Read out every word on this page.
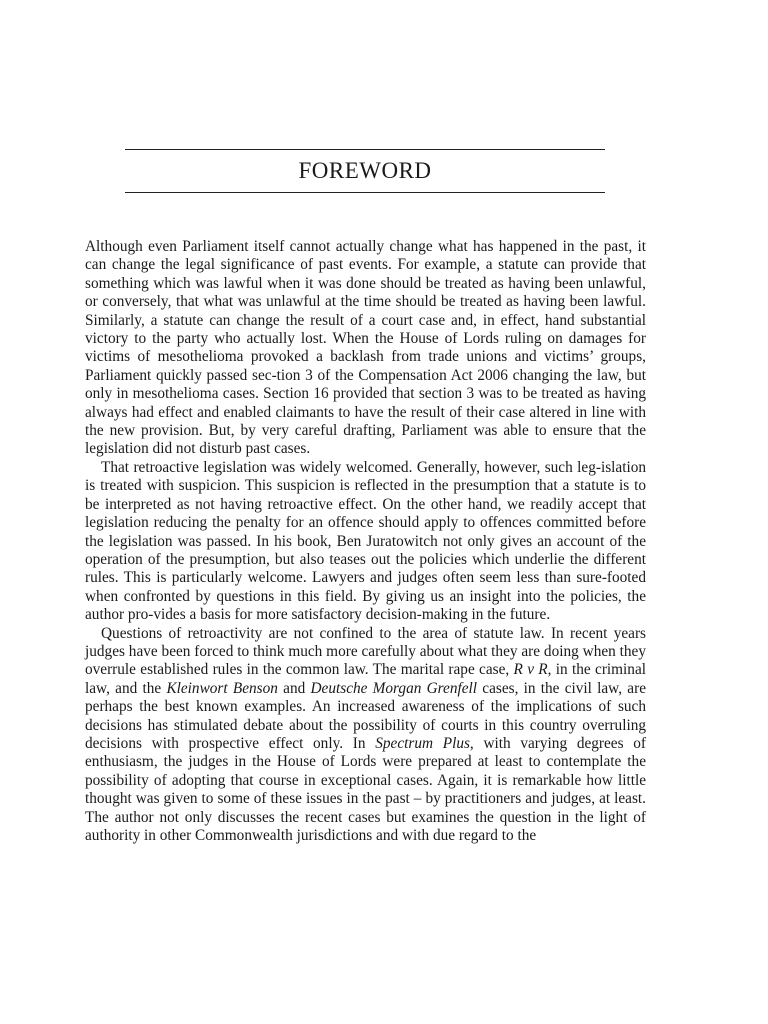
FOREWORD

Although even Parliament itself cannot actually change what has happened in the past, it can change the legal significance of past events. For example, a statute can provide that something which was lawful when it was done should be treated as having been unlawful, or conversely, that what was unlawful at the time should be treated as having been lawful. Similarly, a statute can change the result of a court case and, in effect, hand substantial victory to the party who actually lost. When the House of Lords ruling on damages for victims of mesothelioma provoked a backlash from trade unions and victims’ groups, Parliament quickly passed sec-tion 3 of the Compensation Act 2006 changing the law, but only in mesothelioma cases. Section 16 provided that section 3 was to be treated as having always had effect and enabled claimants to have the result of their case altered in line with the new provision. But, by very careful drafting, Parliament was able to ensure that the legislation did not disturb past cases.

That retroactive legislation was widely welcomed. Generally, however, such leg-islation is treated with suspicion. This suspicion is reflected in the presumption that a statute is to be interpreted as not having retroactive effect. On the other hand, we readily accept that legislation reducing the penalty for an offence should apply to offences committed before the legislation was passed. In his book, Ben Juratowitch not only gives an account of the operation of the presumption, but also teases out the policies which underlie the different rules. This is particularly welcome. Lawyers and judges often seem less than sure-footed when confronted by questions in this field. By giving us an insight into the policies, the author pro-vides a basis for more satisfactory decision-making in the future.

Questions of retroactivity are not confined to the area of statute law. In recent years judges have been forced to think much more carefully about what they are doing when they overrule established rules in the common law. The marital rape case, R v R, in the criminal law, and the Kleinwort Benson and Deutsche Morgan Grenfell cases, in the civil law, are perhaps the best known examples. An increased awareness of the implications of such decisions has stimulated debate about the possibility of courts in this country overruling decisions with prospective effect only. In Spectrum Plus, with varying degrees of enthusiasm, the judges in the House of Lords were prepared at least to contemplate the possibility of adopting that course in exceptional cases. Again, it is remarkable how little thought was given to some of these issues in the past – by practitioners and judges, at least. The author not only discusses the recent cases but examines the question in the light of authority in other Commonwealth jurisdictions and with due regard to the
